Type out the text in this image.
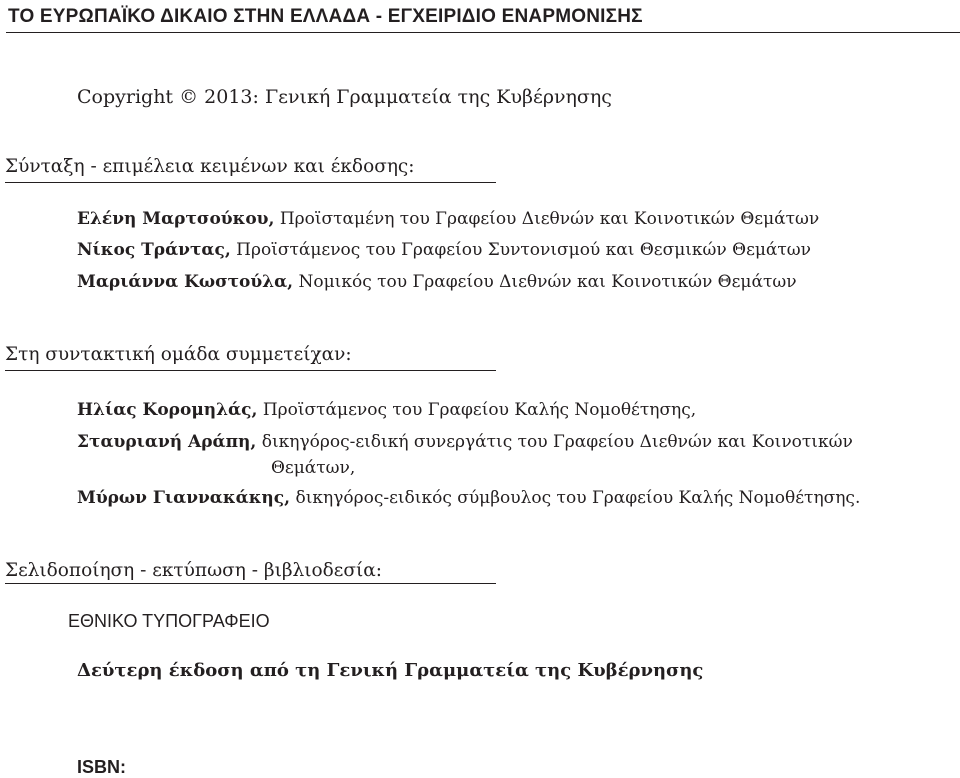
ΤΟ ΕΥΡΩΠΑΪΚΟ ΔΙΚΑΙΟ ΣΤΗΝ ΕΛΛΑΔΑ - ΕΓΧΕΙΡΙΔΙΟ ΕΝΑΡΜΟΝΙΣΗΣ
Copyright © 2013: Γενική Γραμματεία της Κυβέρνησης
Σύνταξη - επιμέλεια κειμένων και έκδοσης:
Ελένη Μαρτσούκου, Προϊσταμένη του Γραφείου Διεθνών και Κοινοτικών Θεμάτων
Νίκος Τράντας, Προϊστάμενος του Γραφείου Συντονισμού και Θεσμικών Θεμάτων
Μαριάννα Κωστούλα, Νομικός του Γραφείου Διεθνών και Κοινοτικών Θεμάτων
Στη συντακτική ομάδα συμμετείχαν:
Ηλίας Κορομηλάς, Προϊστάμενος του Γραφείου Καλής Νομοθέτησης,
Σταυριανή Αράπη, δικηγόρος-ειδική συνεργάτις του Γραφείου Διεθνών και Κοινοτικών
Θεμάτων,
Μύρων Γιαννακάκης, δικηγόρος-ειδικός σύμβουλος του Γραφείου Καλής Νομοθέτησης.
Σελιδοποίηση - εκτύπωση - βιβλιοδεσία:
ΕΘΝΙΚΟ ΤΥΠΟΓΡΑΦΕΙΟ
Δεύτερη έκδοση από τη Γενική Γραμματεία της Κυβέρνησης
ISBN:
